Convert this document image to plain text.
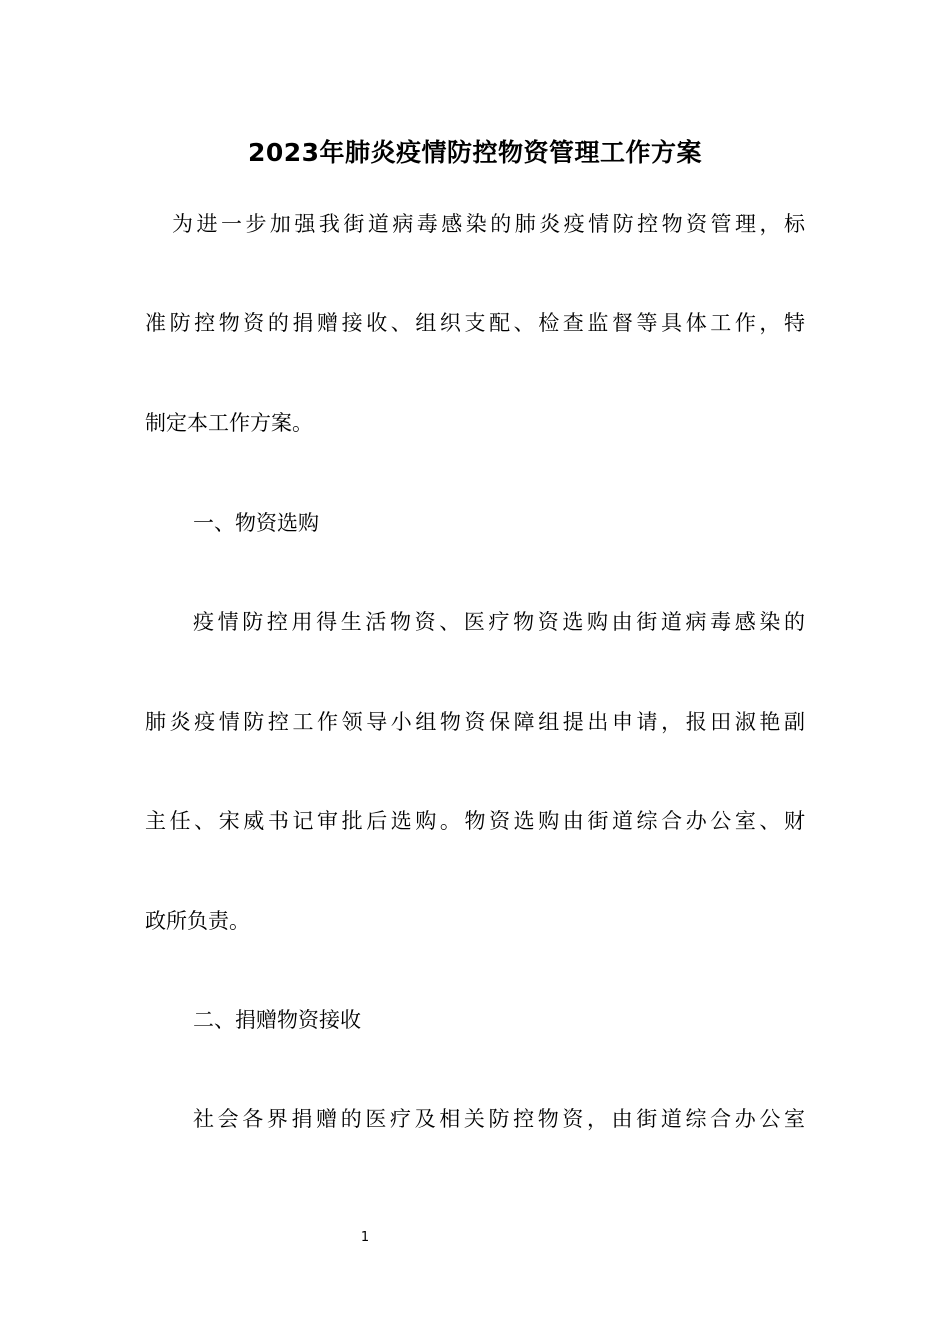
2023年肺炎疫情防控物资管理工作方案
为进一步加强我街道病毒感染的肺炎疫情防控物资管理，标
准防控物资的捐赠接收、组织支配、检查监督等具体工作，特
制定本工作方案。
一、物资选购
疫情防控用得生活物资、医疗物资选购由街道病毒感染的
肺炎疫情防控工作领导小组物资保障组提出申请，报田淑艳副
主任、宋威书记审批后选购。物资选购由街道综合办公室、财
政所负责。
二、捐赠物资接收
社会各界捐赠的医疗及相关防控物资，由街道综合办公室
1
